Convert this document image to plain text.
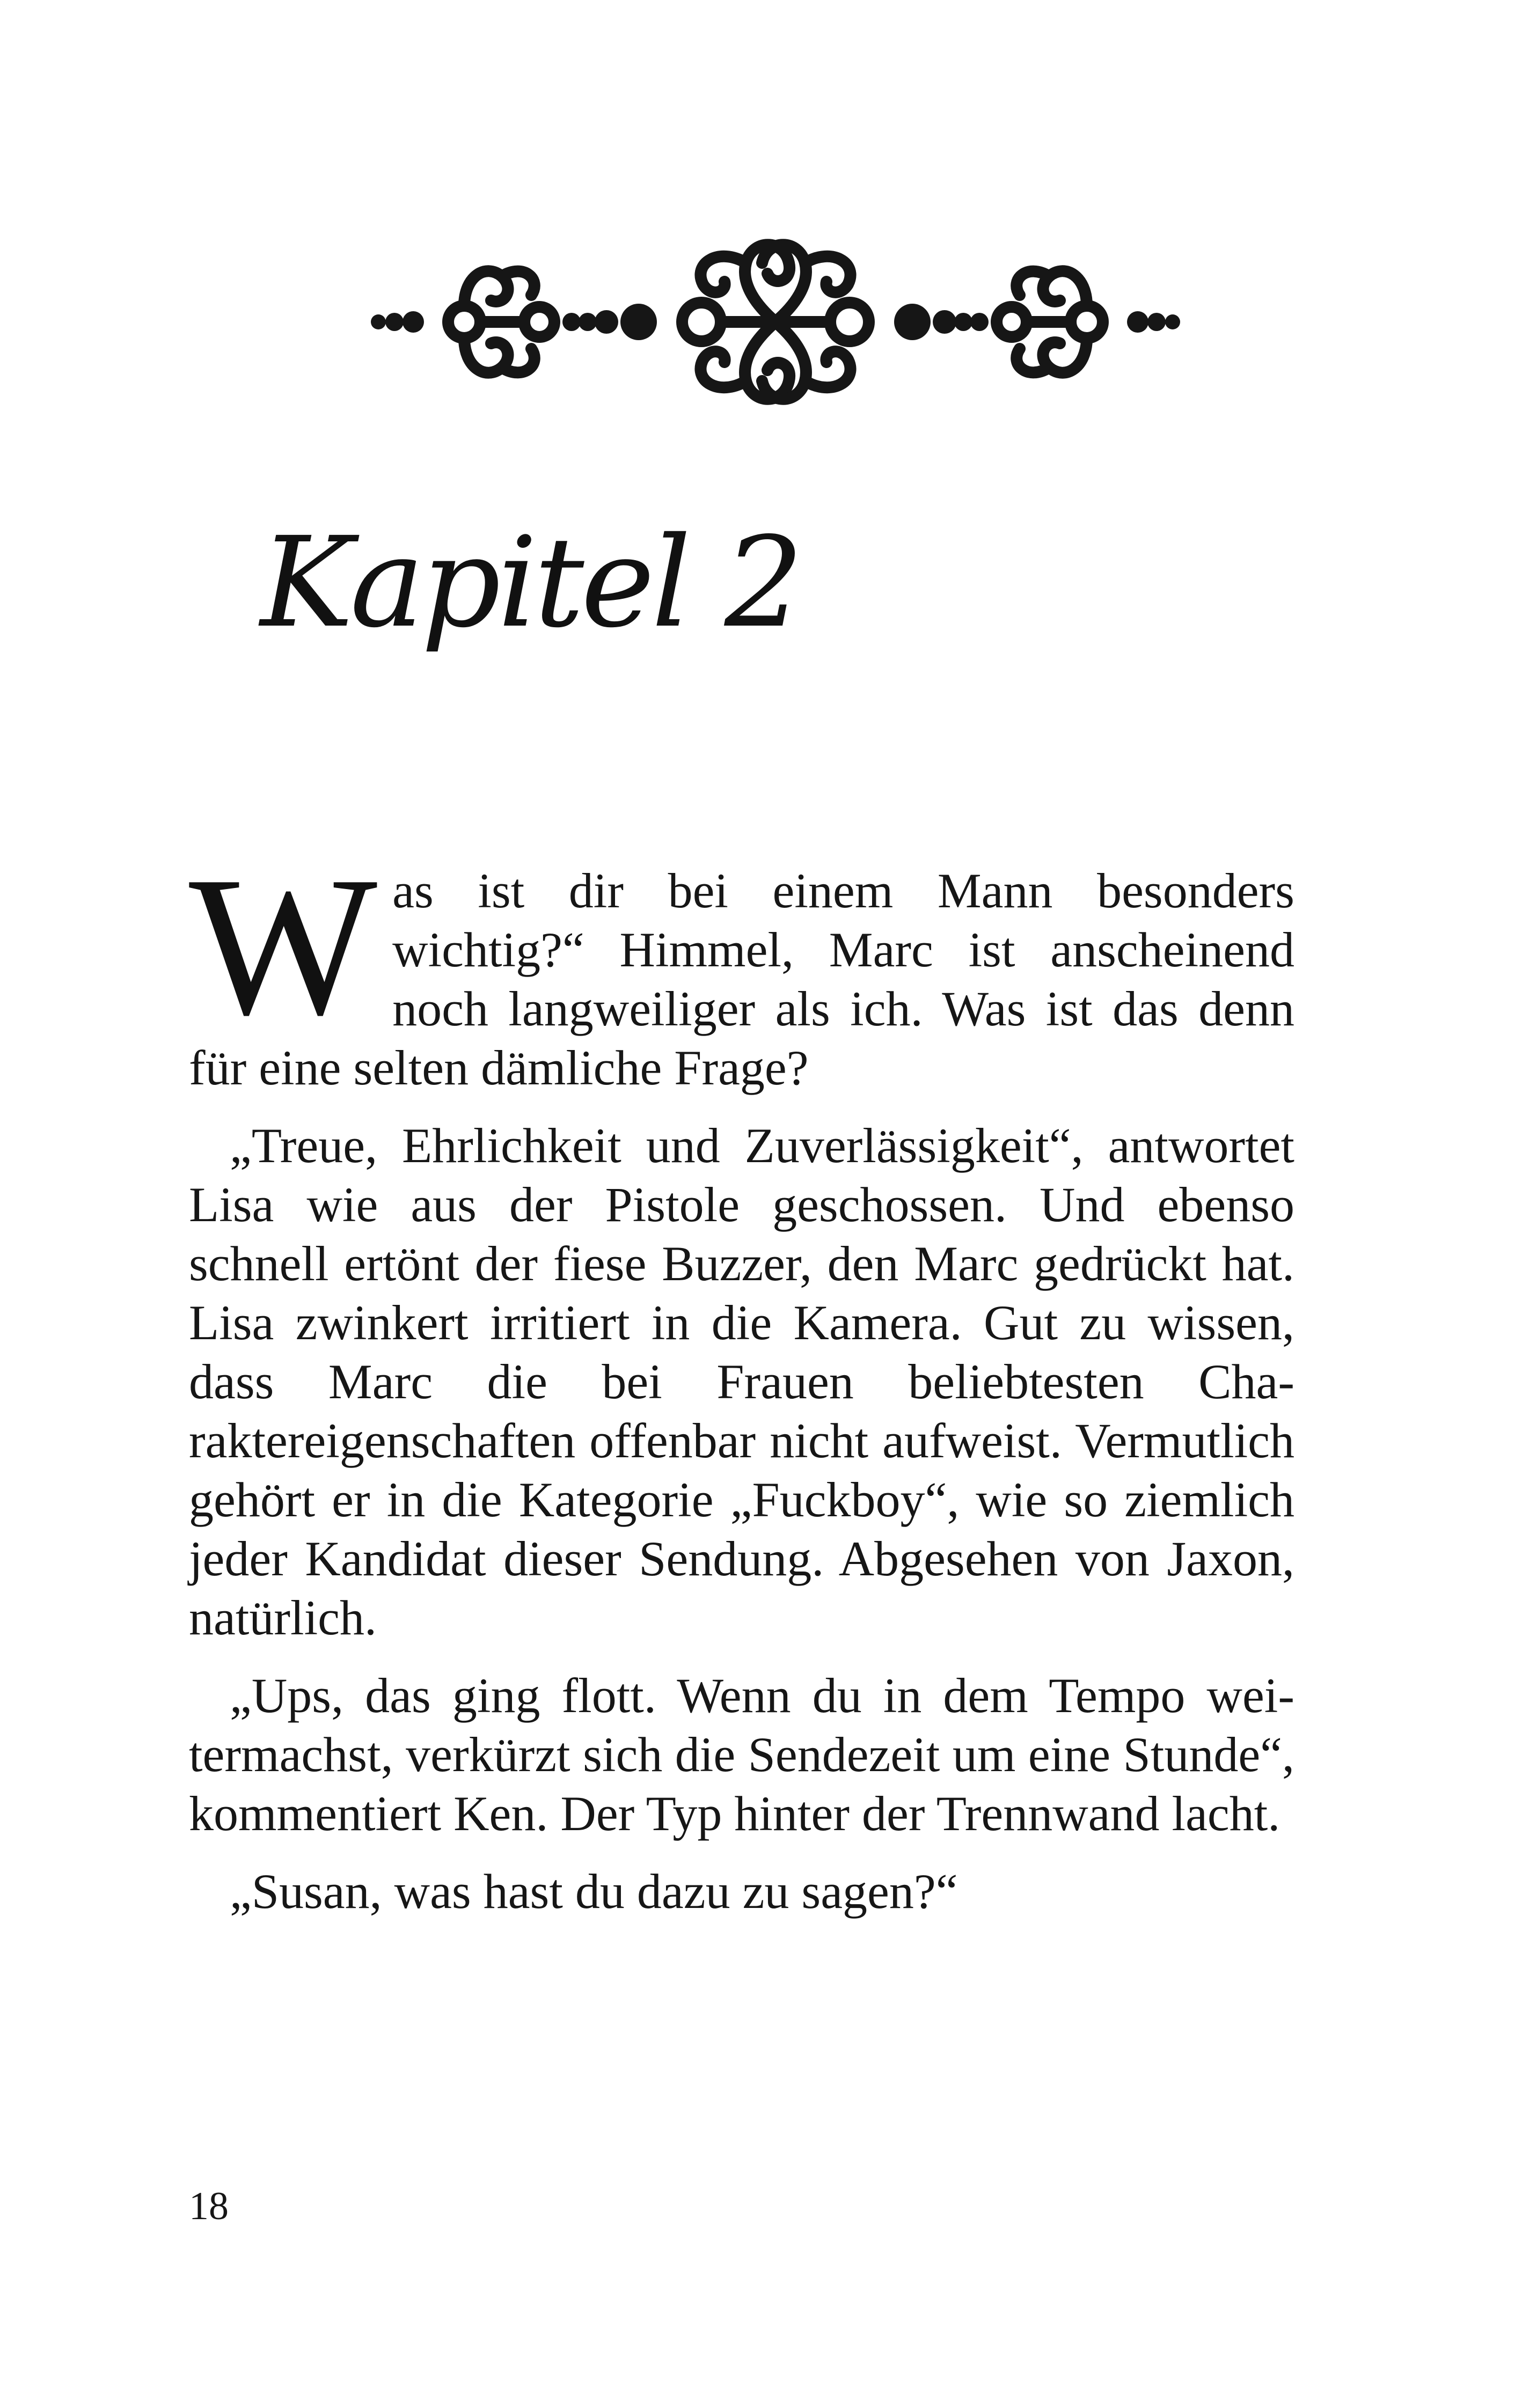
Kapitel 2

Was ist dir bei einem Mann besonders wichtig?“ Himmel, Marc ist anscheinend noch langweiliger als ich. Was ist das denn für eine selten dämliche Frage?

„Treue, Ehrlichkeit und Zuverlässigkeit“, antwortet Lisa wie aus der Pistole geschossen. Und ebenso schnell ertönt der fiese Buzzer, den Marc gedrückt hat. Lisa zwinkert irritiert in die Kamera. Gut zu wissen, dass Marc die bei Frauen beliebtesten Charaktereigenschaften offenbar nicht aufweist. Vermutlich gehört er in die Kategorie „Fuckboy“, wie so ziemlich jeder Kandidat dieser Sendung. Abgesehen von Jaxon, natürlich.

„Ups, das ging flott. Wenn du in dem Tempo weitermachst, verkürzt sich die Sendezeit um eine Stunde“, kommentiert Ken. Der Typ hinter der Trennwand lacht.

„Susan, was hast du dazu zu sagen?“

18
